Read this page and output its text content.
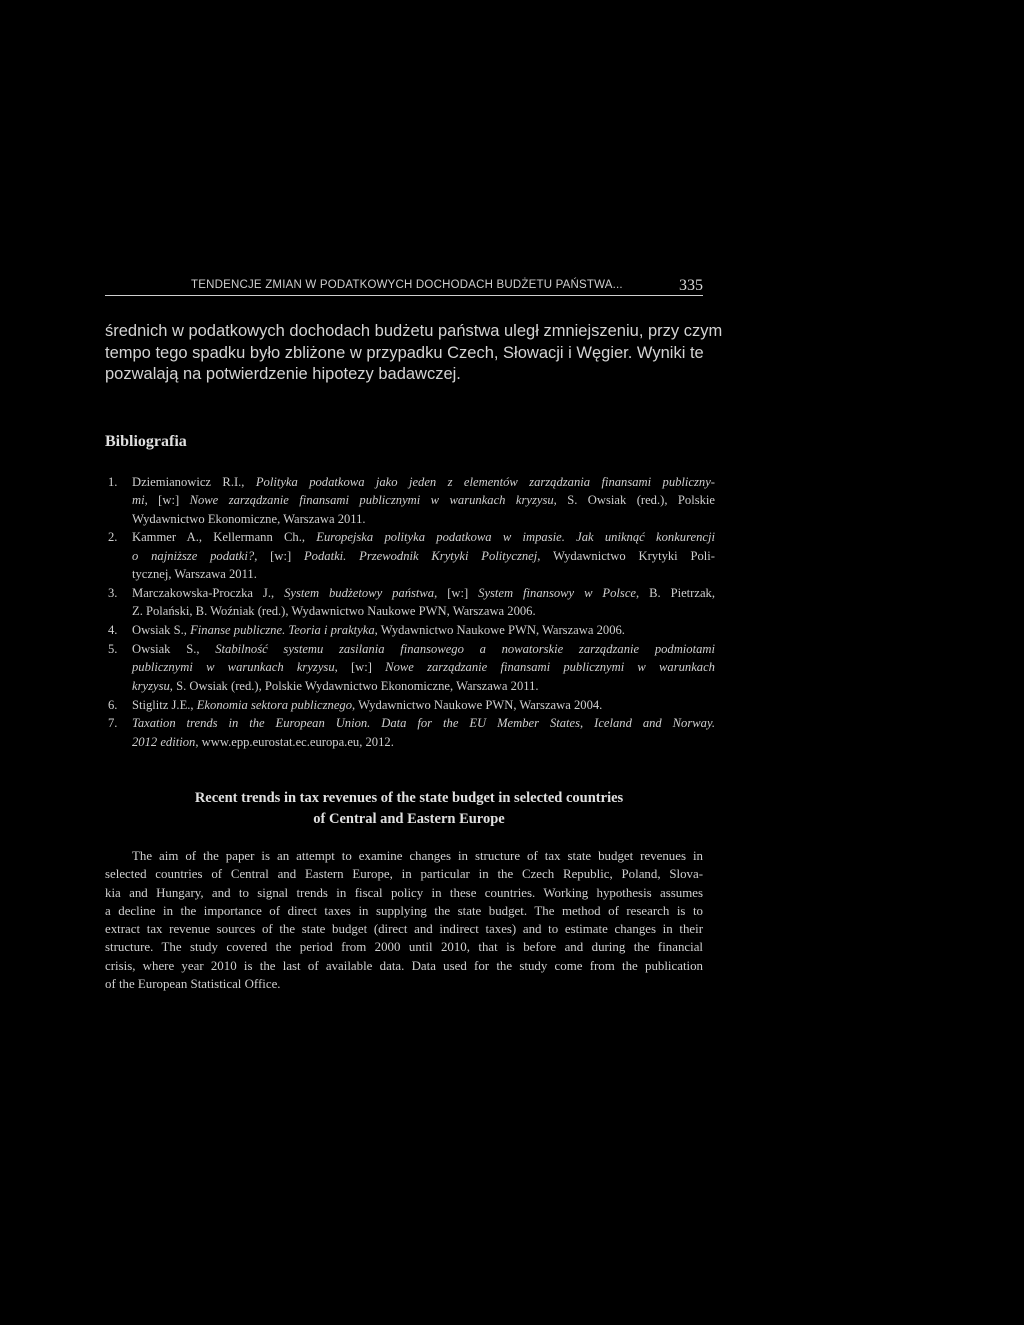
TENDENCJE ZMIAN W PODATKOWYCH DOCHODACH BUDŻETU PAŃSTWA...	335

średnich w podatkowych dochodach budżetu państwa uległ zmniejszeniu, przy czym

tempo tego spadku było zbliżone w przypadku Czech, Słowacji i Węgier. Wyniki te

pozwalają na potwierdzenie hipotezy badawczej.

Bibliografia
1. Dziemianowicz R.I., Polityka podatkowa jako jeden z elementów zarządzania finansami publiczny-
mi, [w:] Nowe zarządzanie finansami publicznymi w warunkach kryzysu, S. Owsiak (red.), Polskie
Wydawnictwo Ekonomiczne, Warszawa 2011.
2. Kammer A., Kellermann Ch., Europejska polityka podatkowa w impasie. Jak uniknąć konkurencji
o najniższe podatki?, [w:] Podatki. Przewodnik Krytyki Politycznej, Wydawnictwo Krytyki Poli-
tycznej, Warszawa 2011.
3. Marczakowska-Proczka J., System budżetowy państwa, [w:] System finansowy w Polsce, B. Pietrzak,
Z. Polański, B. Woźniak (red.), Wydawnictwo Naukowe PWN, Warszawa 2006.
4. Owsiak S., Finanse publiczne. Teoria i praktyka, Wydawnictwo Naukowe PWN, Warszawa 2006.
5. Owsiak S., Stabilność systemu zasilania finansowego a nowatorskie zarządzanie podmiotami
publicznymi w warunkach kryzysu, [w:] Nowe zarządzanie finansami publicznymi w warunkach
kryzysu, S. Owsiak (red.), Polskie Wydawnictwo Ekonomiczne, Warszawa 2011.
6. Stiglitz J.E., Ekonomia sektora publicznego, Wydawnictwo Naukowe PWN, Warszawa 2004.
7. Taxation trends in the European Union. Data for the EU Member States, Iceland and Norway.
2012 edition, www.epp.eurostat.ec.europa.eu, 2012.
Recent trends in tax revenues of the state budget in selected countries
of Central and Eastern Europe
The aim of the paper is an attempt to examine changes in structure of tax state budget revenues in
selected countries of Central and Eastern Europe, in particular in the Czech Republic, Poland, Slova-
kia and Hungary, and to signal trends in fiscal policy in these countries. Working hypothesis assumes
a decline in the importance of direct taxes in supplying the state budget. The method of research is to
extract tax revenue sources of the state budget (direct and indirect taxes) and to estimate changes in their
structure. The study covered the period from 2000 until 2010, that is before and during the financial
crisis, where year 2010 is the last of available data. Data used for the study come from the publication
of the European Statistical Office.
